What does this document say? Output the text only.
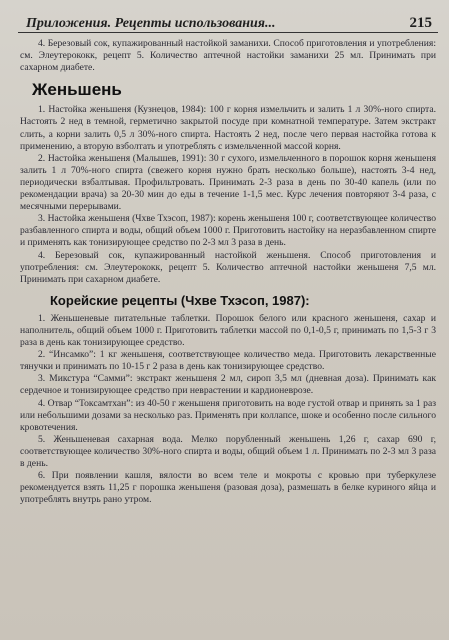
Приложения. Рецепты использования...	215

4. Березовый сок, купажированный настойкой заманихи. Способ приготовления и употребления: см. Элеутерококк, рецепт 5. Количество аптечной настойки заманихи 25 мл. Принимать при сахарном диабете.

Женьшень

1. Настойка женьшеня (Кузнецов, 1984): 100 г корня измельчить и залить 1 л 30%-ного спирта. Настоять 2 нед в темной, герметично закрытой посуде при комнатной температуре. Затем экстракт слить, а корни залить 0,5 л 30%-ного спирта. Настоять 2 нед, после чего первая настойка готова к применению, а вторую взболтать и употреблять с измельченной массой корня.

2. Настойка женьшеня (Малышев, 1991): 30 г сухого, измельченного в порошок корня женьшеня залить 1 л 70%-ного спирта (свежего корня нужно брать несколько больше), настоять 3-4 нед, периодически взбалтывая. Профильтровать. Принимать 2-3 раза в день по 30-40 капель (или по рекомендации врача) за 20-30 мин до еды в течение 1-1,5 мес. Курс лечения повторяют 3-4 раза, с месячными перерывами.

3. Настойка женьшеня (Чхве Тхэсоп, 1987): корень женьшеня 100 г, соответствующее количество разбавленного спирта и воды, общий объем 1000 г. Приготовить настойку на неразбавленном спирте и применять как тонизирующее средство по 2-3 мл 3 раза в день.

4. Березовый сок, купажированный настойкой женьшеня. Способ приготовления и употребления: см. Элеутерококк, рецепт 5. Количество аптечной настойки женьшеня 7,5 мл. Принимать при сахарном диабете.

Корейские рецепты (Чхве Тхэсоп, 1987):

1. Женьшеневые питательные таблетки. Порошок белого или красного женьшеня, сахар и наполнитель, общий объем 1000 г. Приготовить таблетки массой по 0,1-0,5 г, принимать по 1,5-3 г 3 раза в день как тонизирующее средство.

2. “Инсамко”: 1 кг женьшеня, соответствующее количество меда. Приготовить лекарственные тянучки и принимать по 10-15 г 2 раза в день как тонизирующее средство.

3. Микстура “Самми”: экстракт женьшеня 2 мл, сироп 3,5 мл (дневная доза). Принимать как сердечное и тонизирующее средство при неврастении и кардионеврозе.

4. Отвар “Токсамтхан”: из 40-50 г женьшеня приготовить на воде густой отвар и принять за 1 раз или небольшими дозами за несколько раз. Применять при коллапсе, шоке и особенно после сильного кровотечения.

5. Женьшеневая сахарная вода. Мелко порубленный женьшень 1,26 г, сахар 690 г, соответствующее количество 30%-ного спирта и воды, общий объем 1 л. Принимать по 2-3 мл 3 раза в день.

6. При появлении кашля, вялости во всем теле и мокроты с кровью при туберкулезе рекомендуется взять 11,25 г порошка женьшеня (разовая доза), размешать в белке куриного яйца и употреблять внутрь рано утром.
